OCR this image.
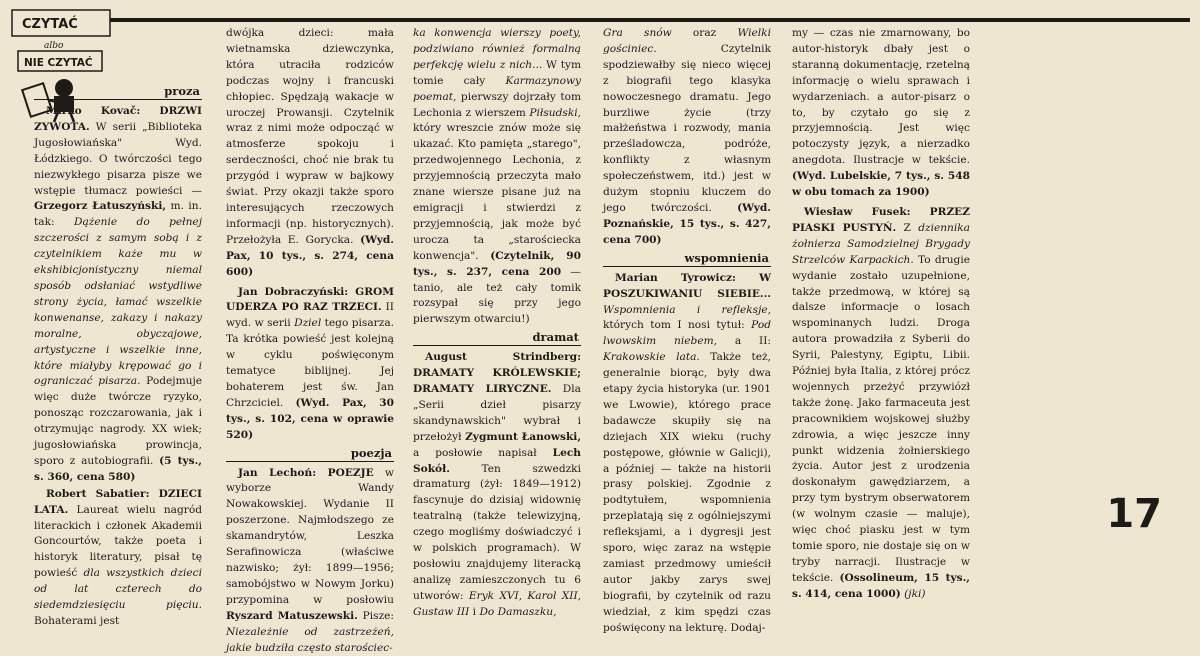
CZYTAĆ
albo
NIE CZYTAĆ
proza

Mirko Kovač: DRZWI ZYWOTA. W serii „Biblioteka Jugosłowiańska" Wyd. Łódzkiego. O twórczości tego niezwykłego pisarza pisze we wstępie tłumacz powieści — Grzegorz Łatuszyński, m. in. tak: Dążenie do pełnej szczerości z samym sobą i z czytelnikiem każe mu w ekshibicjonistyczny niemal sposób odsłaniać wstydliwe strony życia, łamać wszelkie konwenanse, zakazy i nakazy moralne, obyczajowe, artystyczne i wszelkie inne, które miałyby krępować go i ograniczać pisarza. Podejmuje więc duże twórcze ryzyko, ponosząc rozczarowania, jak i otrzymując nagrody. XX wiek; jugosłowiańska prowincja, sporo z autobiografii. (5 tys., s. 360, cena 580)

Robert Sabatier: DZIECI LATA. Laureat wielu nagród literackich i członek Akademii Goncourtów, także poeta i historyk literatury, pisał tę powieść dla wszystkich dzieci od lat czterech do siedemdziesięciu pięciu. Bohaterami jest

dwójka dzieci: mała wietnamska dziewczynka, która utraciła rodziców podczas wojny i francuski chłopiec. Spędzają wakacje w uroczej Prowansji. Czytelnik wraz z nimi może odpocząć w atmosferze spokoju i serdeczności, choć nie brak tu przygód i wypraw w bajkowy świat. Przy okazji także sporo interesujących rzeczowych informacji (np. historycznych). Przełożyła E. Gorycka. (Wyd. Pax, 10 tys., s. 274, cena 600)

Jan Dobraczyński: GROM UDERZA PO RAZ TRZECI. II wyd. w serii Dziel tego pisarza. Ta krótka powieść jest kolejną w cyklu poświęconym tematyce biblijnej. Jej bohaterem jest św. Jan Chrzciciel. (Wyd. Pax, 30 tys., s. 102, cena w oprawie 520)

poezja

Jan Lechoń: POEZJE w wyborze Wandy Nowakowskiej. Wydanie II poszerzone. Najmłodszego ze skamandrytów, Leszka Serafinowicza (właściwe nazwisko; żył: 1899—1956; samobójstwo w Nowym Jorku) przypomina w posłowiu Ryszard Matuszewski. Pisze: Niezależnie od zastrzeżeń, jakie budziła często starościec-

ka konwencja wierszy poety, podziwiano również formalną perfekcję wielu z nich... W tym tomie cały Karmazynowy poemat, pierwszy dojrzały tom Lechonia z wierszem Piłsudski, który wreszcie znów może się ukazać. Kto pamięta „starego", przedwojennego Lechonia, z przyjemnością przeczyta mało znane wiersze pisane już na emigracji i stwierdzi z przyjemnością, jak może być urocza ta „starościecka konwencja". (Czytelnik, 90 tys., s. 237, cena 200 — tanio, ale też cały tomik rozsypał się przy jego pierwszym otwarciu!)

dramat

August Strindberg: DRAMATY KRÓLEWSKIE; DRAMATY LIRYCZNE. Dla „Serii dzieł pisarzy skandynawskich" wybrał i przełożył Zygmunt Łanowski, a posłowie napisał Lech Sokół. Ten szwedzki dramaturg (żył: 1849—1912) fascynuje do dzisiaj widownię teatralną (także telewizyjną, czego mogliśmy doświadczyć i w polskich programach). W posłowiu znajdujemy literacką analizę zamieszczonych tu 6 utworów: Eryk XVI, Karol XII, Gustaw III i Do Damaszku,

Gra snów oraz Wielki gościniec. Czytelnik spodziewałby się nieco więcej z biografii tego klasyka nowoczesnego dramatu. Jego burzliwe życie (trzy małżeństwa i rozwody, mania prześladowcza, podróże, konflikty z własnym społeczeństwem, itd.) jest w dużym stopniu kluczem do jego twórczości. (Wyd. Poznańskie, 15 tys., s. 427, cena 700)

wspomnienia

Marian Tyrowicz: W POSZUKIWANIU SIEBIE... Wspomnienia i refleksje, których tom I nosi tytuł: Pod lwowskim niebem, a II: Krakowskie lata. Także też, generalnie biorąc, były dwa etapy życia historyka (ur. 1901 we Lwowie), którego prace badawcze skupiły się na dziejach XIX wieku (ruchy postępowe, głównie w Galicji), a później — także na historii prasy polskiej. Zgodnie z podtytułem, wspomnienia przeplatają się z ogólniejszymi refleksjami, a i dygresji jest sporo, więc zaraz na wstępie zamiast przedmowy umieścił autor jakby zarys swej biografii, by czytelnik od razu wiedział, z kim spędzi czas poświęcony na lekturę. Dodaj-

my — czas nie zmarnowany, bo autor-historyk dbały jest o staranną dokumentację, rzetelną informację o wielu sprawach i wydarzeniach. a autor-pisarz o to, by czytało go się z przyjemnością. Jest więc potoczysty język, a nierzadko anegdota. Ilustracje w tekście. (Wyd. Lubelskie, 7 tys., s. 548 w obu tomach za 1900)

Wiesław Fusek: PRZEZ PIASKI PUSTYŃ. Z dziennika żołnierza Samodzielnej Brygady Strzelców Karpackich. To drugie wydanie zostało uzupełnione, także przedmową, w której są dalsze informacje o losach wspominanych ludzi. Droga autora prowadziła z Syberii do Syrii, Palestyny, Egiptu, Libii. Później była Italia, z której prócz wojennych przeżyć przywiózł także żonę. Jako farmaceuta jest pracownikiem wojskowej służby zdrowia, a więc jeszcze inny punkt widzenia żołnierskiego życia. Autor jest z urodzenia doskonałym gawędziarzem, a przy tym bystrym obserwatorem (w wolnym czasie — maluje), więc choć piasku jest w tym tomie sporo, nie dostaje się on w tryby narracji. Ilustracje w tekście. (Ossolineum, 15 tys., s. 414, cena 1000) (jki)

17
